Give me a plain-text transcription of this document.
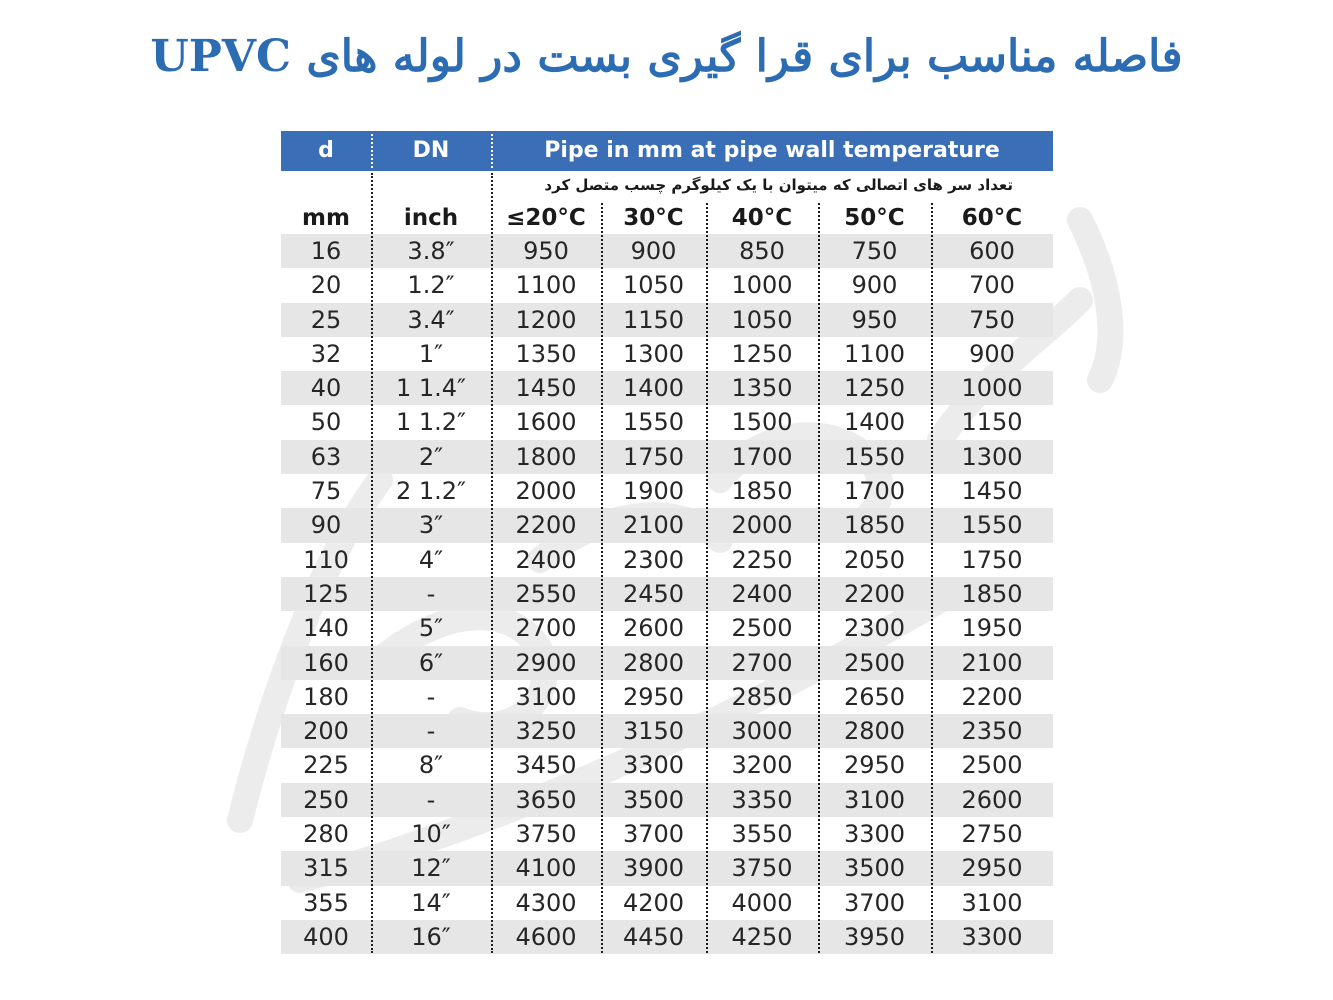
فاصله مناسب برای قرا گیری بست در لوله های UPVC
d	DN	Pipe in mm at pipe wall temperature
تعداد سر های اتصالی که میتوان با یک کیلوگرم چسب متصل کرد
mm	inch	≤20°C	30°C	40°C	50°C	60°C
16	3.8″	950	900	850	750	600
20	1.2″	1100	1050	1000	900	700
25	3.4″	1200	1150	1050	950	750
32	1″	1350	1300	1250	1100	900
40	1 1.4″	1450	1400	1350	1250	1000
50	1 1.2″	1600	1550	1500	1400	1150
63	2″	1800	1750	1700	1550	1300
75	2 1.2″	2000	1900	1850	1700	1450
90	3″	2200	2100	2000	1850	1550
110	4″	2400	2300	2250	2050	1750
125	-	2550	2450	2400	2200	1850
140	5″	2700	2600	2500	2300	1950
160	6″	2900	2800	2700	2500	2100
180	-	3100	2950	2850	2650	2200
200	-	3250	3150	3000	2800	2350
225	8″	3450	3300	3200	2950	2500
250	-	3650	3500	3350	3100	2600
280	10″	3750	3700	3550	3300	2750
315	12″	4100	3900	3750	3500	2950
355	14″	4300	4200	4000	3700	3100
400	16″	4600	4450	4250	3950	3300
